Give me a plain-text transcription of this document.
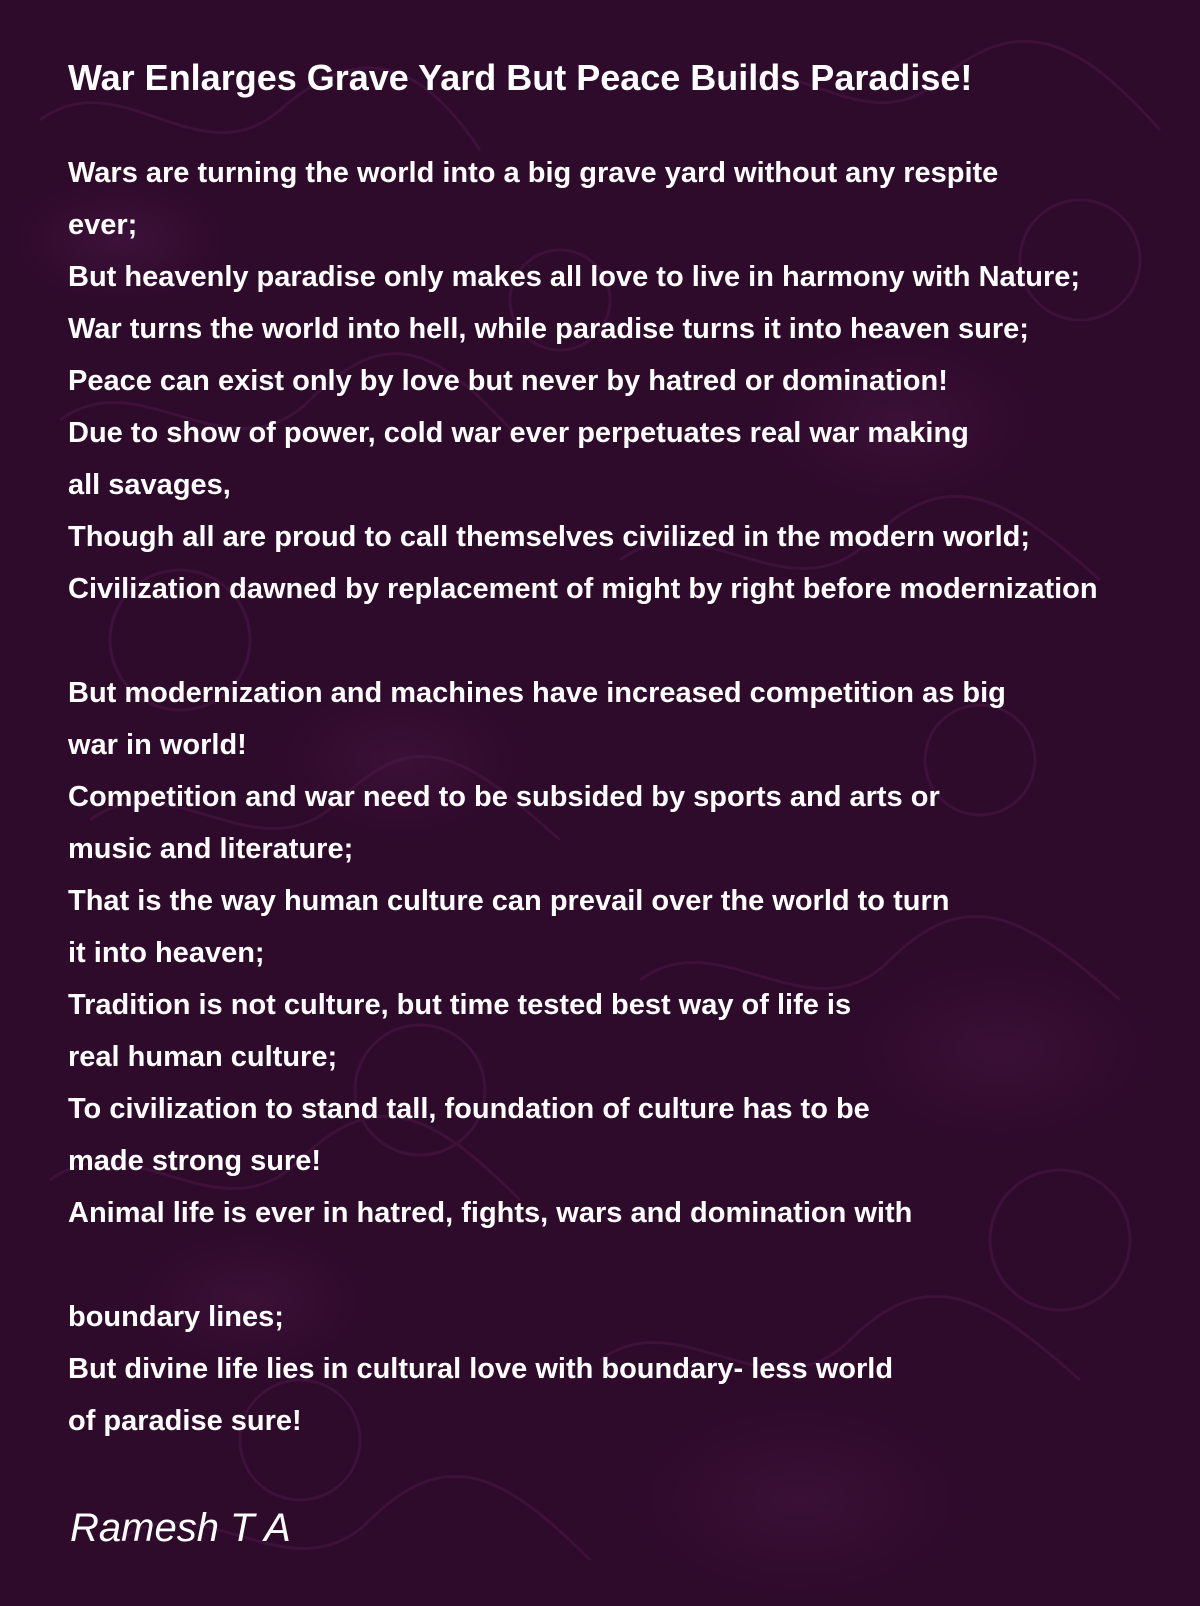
War Enlarges Grave Yard But Peace Builds Paradise!
Wars are turning the world into a big grave yard without any respite
ever;
But heavenly paradise only makes all love to live in harmony with Nature;
War turns the world into hell, while paradise turns it into heaven sure;
Peace can exist only by love but never by hatred or domination!
Due to show of power, cold war ever perpetuates real war making
all savages,
Though all are proud to call themselves civilized in the modern world;
Civilization dawned by replacement of might by right before modernization
But modernization and machines have increased competition as big
war in world!
Competition and war need to be subsided by sports and arts or
music and literature;
That is the way human culture can prevail over the world to turn
it into heaven;
Tradition is not culture, but time tested best way of life is
real human culture;
To civilization to stand tall, foundation of culture has to be
made strong sure!
Animal life is ever in hatred, fights, wars and domination with
boundary lines;
But divine life lies in cultural love with boundary- less world
of paradise sure!
Ramesh T A
